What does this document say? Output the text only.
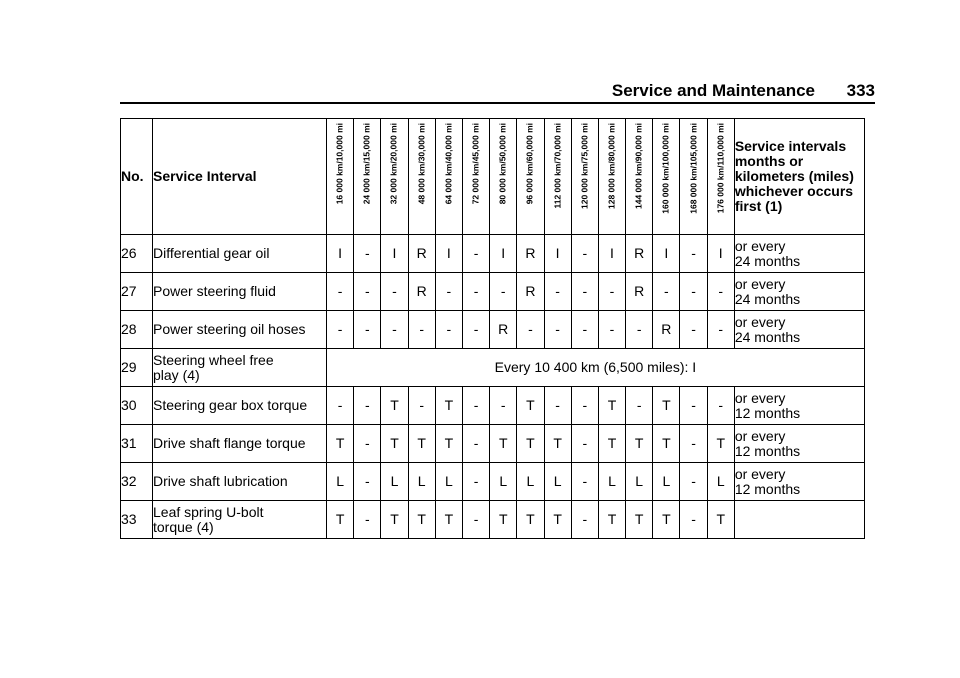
Service and Maintenance 333
No.	Service Interval	16 000 km/10,000 mi	24 000 km/15,000 mi	32 000 km/20,000 mi	48 000 km/30,000 mi	64 000 km/40,000 mi	72 000 km/45,000 mi	80 000 km/50,000 mi	96 000 km/60,000 mi	112 000 km/70,000 mi	120 000 km/75,000 mi	128 000 km/80,000 mi	144 000 km/90,000 mi	160 000 km/100,000 mi	168 000 km/105,000 mi	176 000 km/110,000 mi	Service intervals months or kilometers (miles) whichever occurs first (1)
26	Differential gear oil	I	-	I	R	I	-	I	R	I	-	I	R	I	-	I	or every
24 months
27	Power steering fluid	-	-	-	R	-	-	-	R	-	-	-	R	-	-	-	or every
24 months
28	Power steering oil hoses	-	-	-	-	-	-	R	-	-	-	-	-	R	-	-	or every
24 months
29	Steering wheel free
play (4)	Every 10 400 km (6,500 miles): I															
30	Steering gear box torque	-	-	T	-	T	-	-	T	-	-	T	-	T	-	-	or every
12 months
31	Drive shaft flange torque	T	-	T	T	T	-	T	T	T	-	T	T	T	-	T	or every
12 months
32	Drive shaft lubrication	L	-	L	L	L	-	L	L	L	-	L	L	L	-	L	or every
12 months
33	Leaf spring U-bolt
torque (4)	T	-	T	T	T	-	T	T	T	-	T	T	T	-	T	
